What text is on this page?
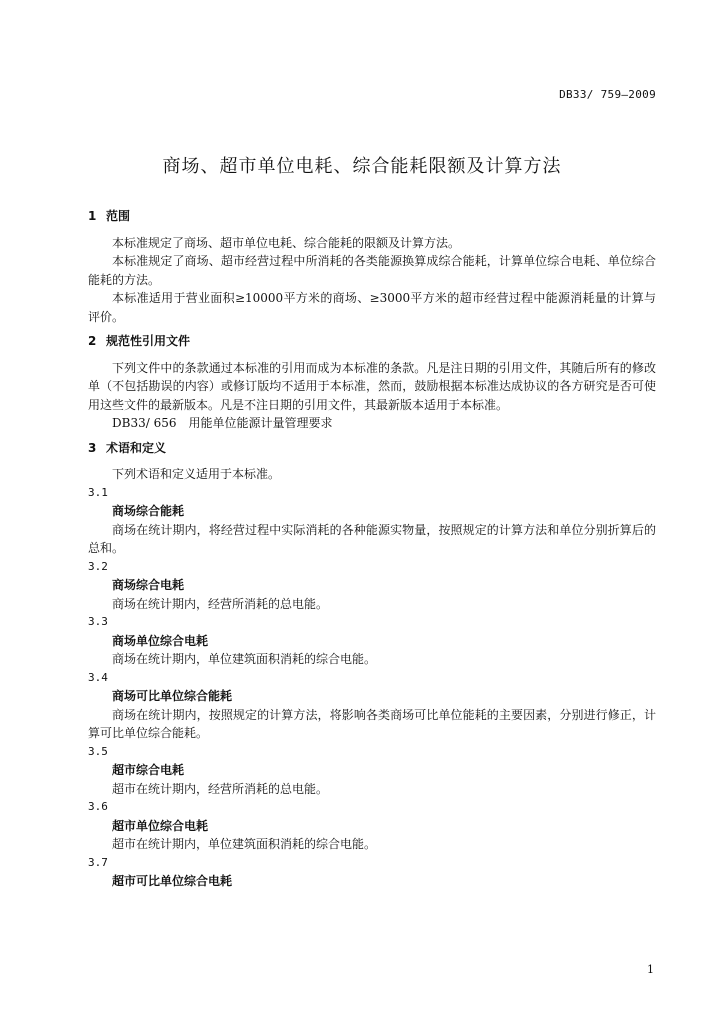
DB33/ 759—2009
商场、超市单位电耗、综合能耗限额及计算方法
1 范围

本标准规定了商场、超市单位电耗、综合能耗的限额及计算方法。

本标准规定了商场、超市经营过程中所消耗的各类能源换算成综合能耗，计算单位综合电耗、单位综合能耗的方法。

本标准适用于营业面积≥10000平方米的商场、≥3000平方米的超市经营过程中能源消耗量的计算与评价。

2 规范性引用文件

下列文件中的条款通过本标准的引用而成为本标准的条款。凡是注日期的引用文件，其随后所有的修改单（不包括勘误的内容）或修订版均不适用于本标准，然而，鼓励根据本标准达成协议的各方研究是否可使用这些文件的最新版本。凡是不注日期的引用文件，其最新版本适用于本标准。

DB33/ 656　用能单位能源计量管理要求

3 术语和定义

下列术语和定义适用于本标准。

3.1

商场综合能耗

商场在统计期内，将经营过程中实际消耗的各种能源实物量，按照规定的计算方法和单位分别折算后的总和。

3.2

商场综合电耗

商场在统计期内，经营所消耗的总电能。

3.3

商场单位综合电耗

商场在统计期内，单位建筑面积消耗的综合电能。

3.4

商场可比单位综合能耗

商场在统计期内，按照规定的计算方法，将影响各类商场可比单位能耗的主要因素，分别进行修正，计算可比单位综合能耗。

3.5

超市综合电耗

超市在统计期内，经营所消耗的总电能。

3.6

超市单位综合电耗

超市在统计期内，单位建筑面积消耗的综合电能。

3.7

超市可比单位综合电耗

1
